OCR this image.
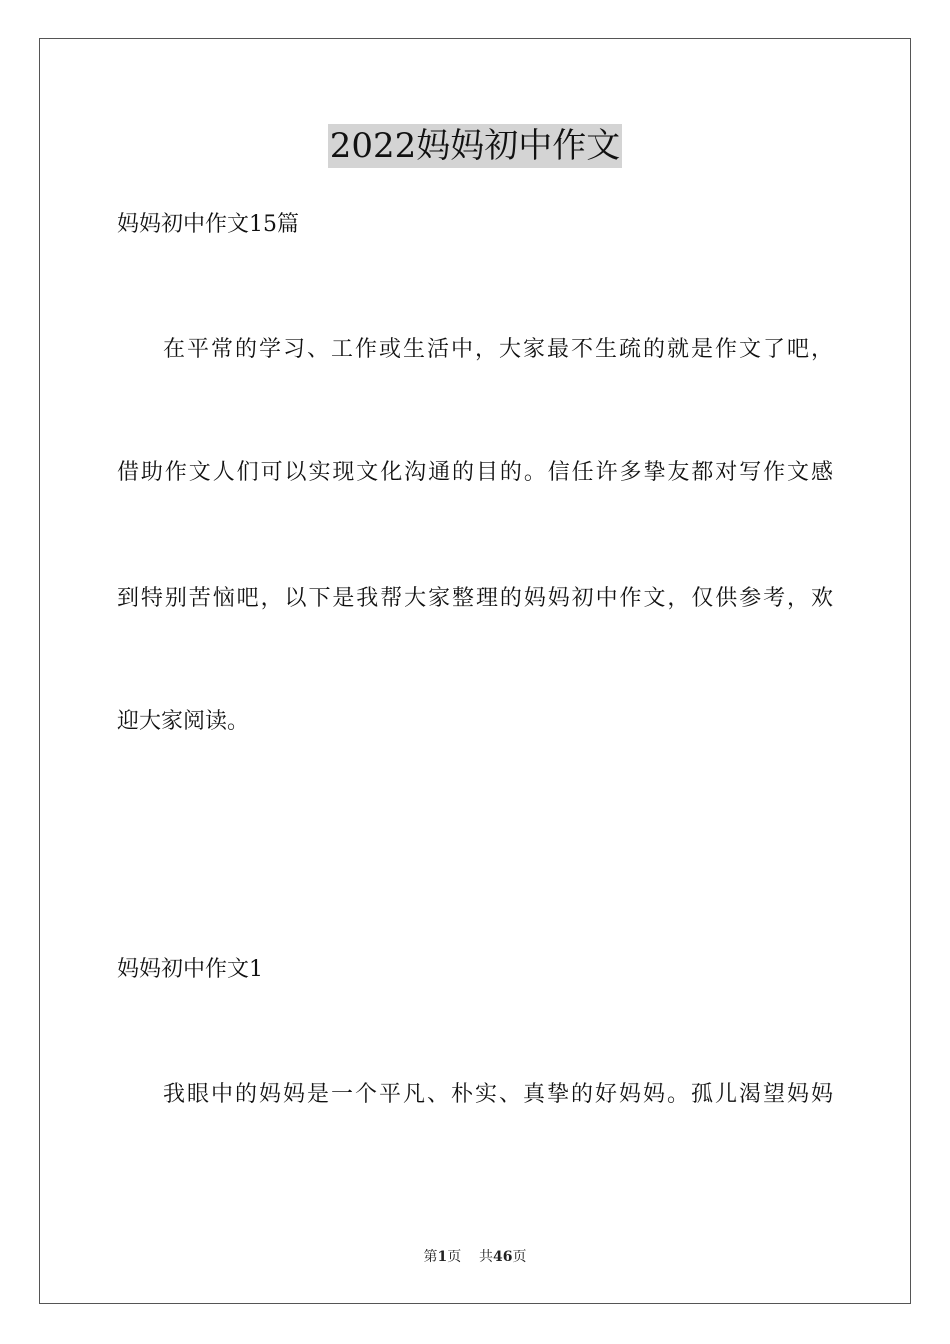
2022妈妈初中作文
妈妈初中作文15篇
在平常的学习、工作或生活中，大家最不生疏的就是作文了吧，
借助作文人们可以实现文化沟通的目的。信任许多挚友都对写作文感
到特别苦恼吧，以下是我帮大家整理的妈妈初中作文，仅供参考，欢
迎大家阅读。
妈妈初中作文1
我眼中的妈妈是一个平凡、朴实、真挚的好妈妈。孤儿渴望妈妈
第1页 共46页
